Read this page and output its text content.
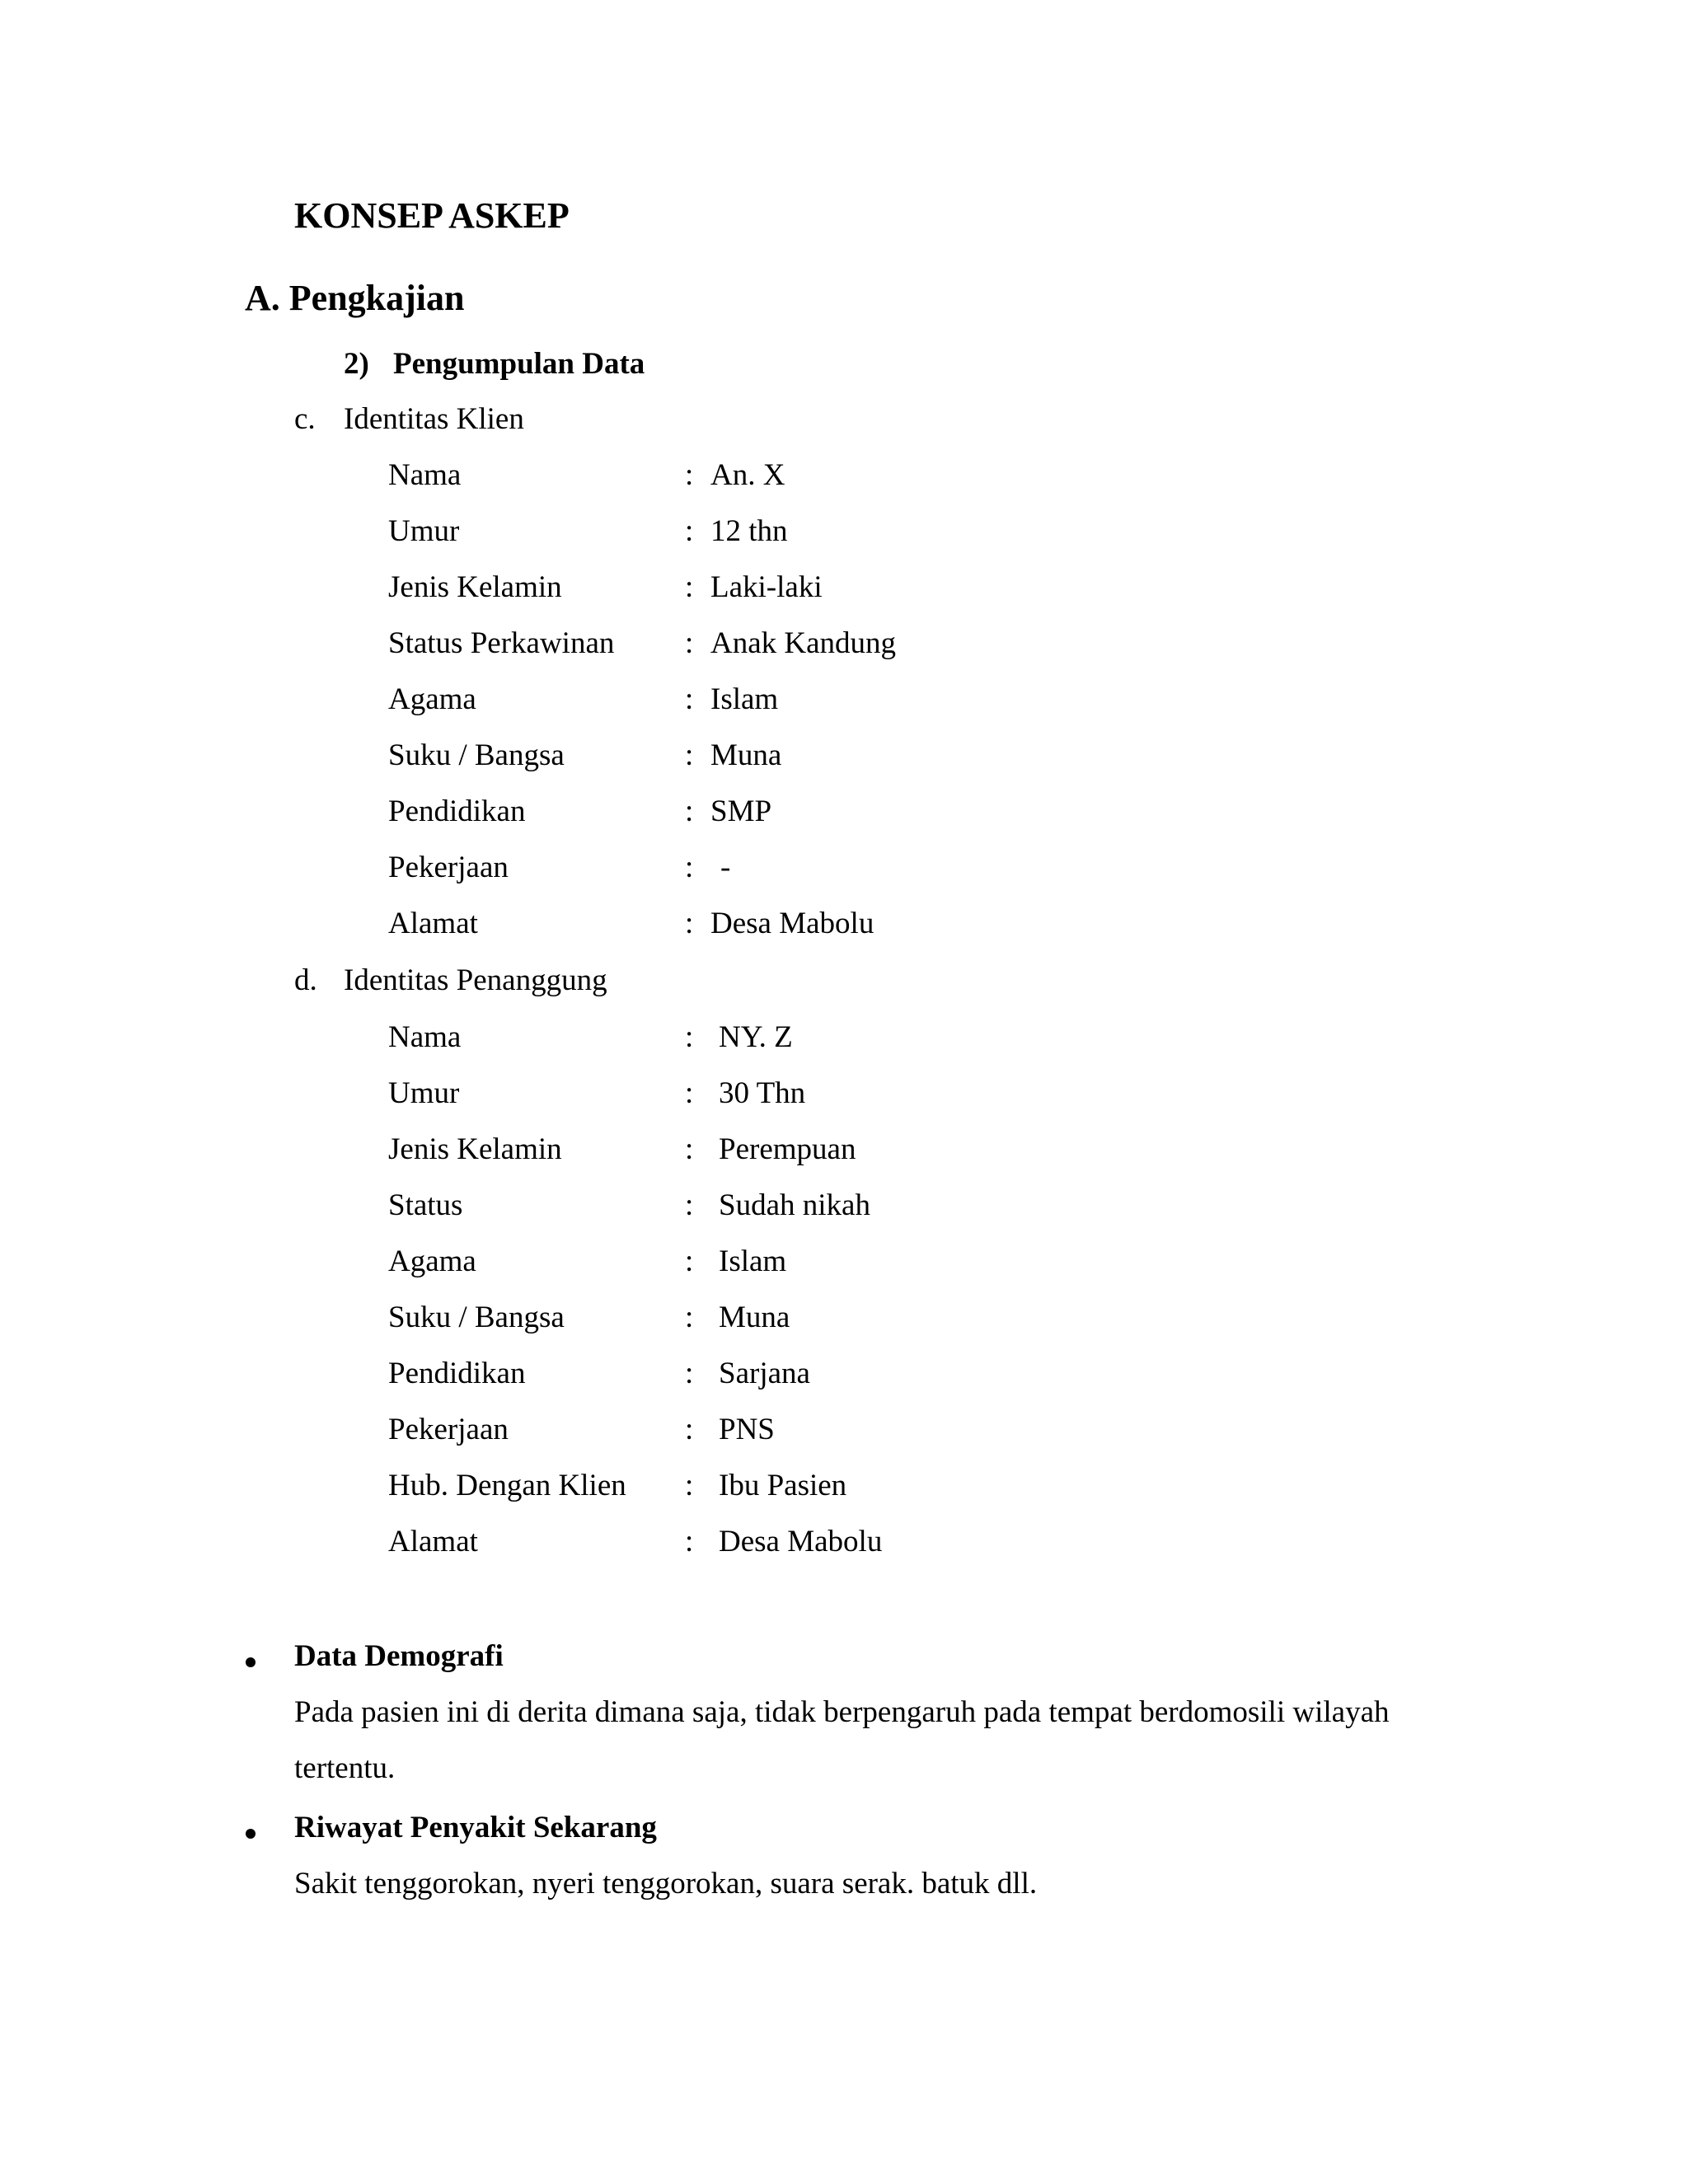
KONSEP ASKEP
A. Pengkajian
2) Pengumpulan Data
c. Identitas Klien
Nama	: An. X
Umur	: 12 thn
Jenis Kelamin	: Laki-laki
Status Perkawinan : Anak Kandung
Agama	: Islam
Suku / Bangsa	: Muna
Pendidikan	: SMP
Pekerjaan	: -
Alamat	: Desa Mabolu
d. Identitas Penanggung
Nama	: NY. Z
Umur	: 30 Thn
Jenis Kelamin	: Perempuan
Status	: Sudah nikah
Agama	: Islam
Suku / Bangsa	: Muna
Pendidikan	: Sarjana
Pekerjaan	: PNS
Hub. Dengan Klien : Ibu Pasien
Alamat	: Desa Mabolu
Data Demografi
Pada pasien ini di derita dimana saja, tidak berpengaruh pada tempat berdomosili wilayah
tertentu.
Riwayat Penyakit Sekarang
Sakit tenggorokan, nyeri tenggorokan, suara serak. batuk dll.
